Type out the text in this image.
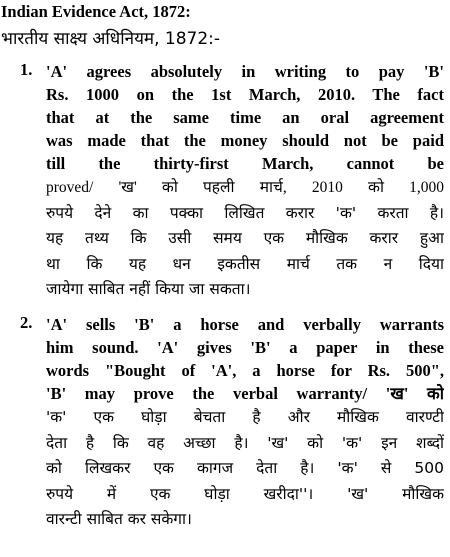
Indian Evidence Act, 1872:
भारतीय साक्ष्य अधिनियम, 1872:-
1. 'A' agrees absolutely in writing to pay 'B'
Rs. 1000 on the 1st March, 2010. The fact
that at the same time an oral agreement
was made that the money should not be paid
till the thirty-first March, cannot be
proved/ 'ख' को पहली मार्च, 2010 को 1,000
रुपये देने का पक्का लिखित करार 'क' करता है।
यह तथ्य कि उसी समय एक मौखिक करार हुआ
था कि यह धन इकतीस मार्च तक न दिया
जायेगा साबित नहीं किया जा सकता।
2. 'A' sells 'B' a horse and verbally warrants
him sound. 'A' gives 'B' a paper in these
words "Bought of 'A', a horse for Rs. 500",
'B' may prove the verbal warranty/ 'ख' को
'क' एक घोड़ा बेचता है और मौखिक वारण्टी
देता है कि वह अच्छा है। 'ख' को 'क' इन शब्दों
को लिखकर एक कागज देता है। 'क' से 500
रुपये में एक घोड़ा खरीदा''। 'ख' मौखिक
वारन्टी साबित कर सकेगा।
